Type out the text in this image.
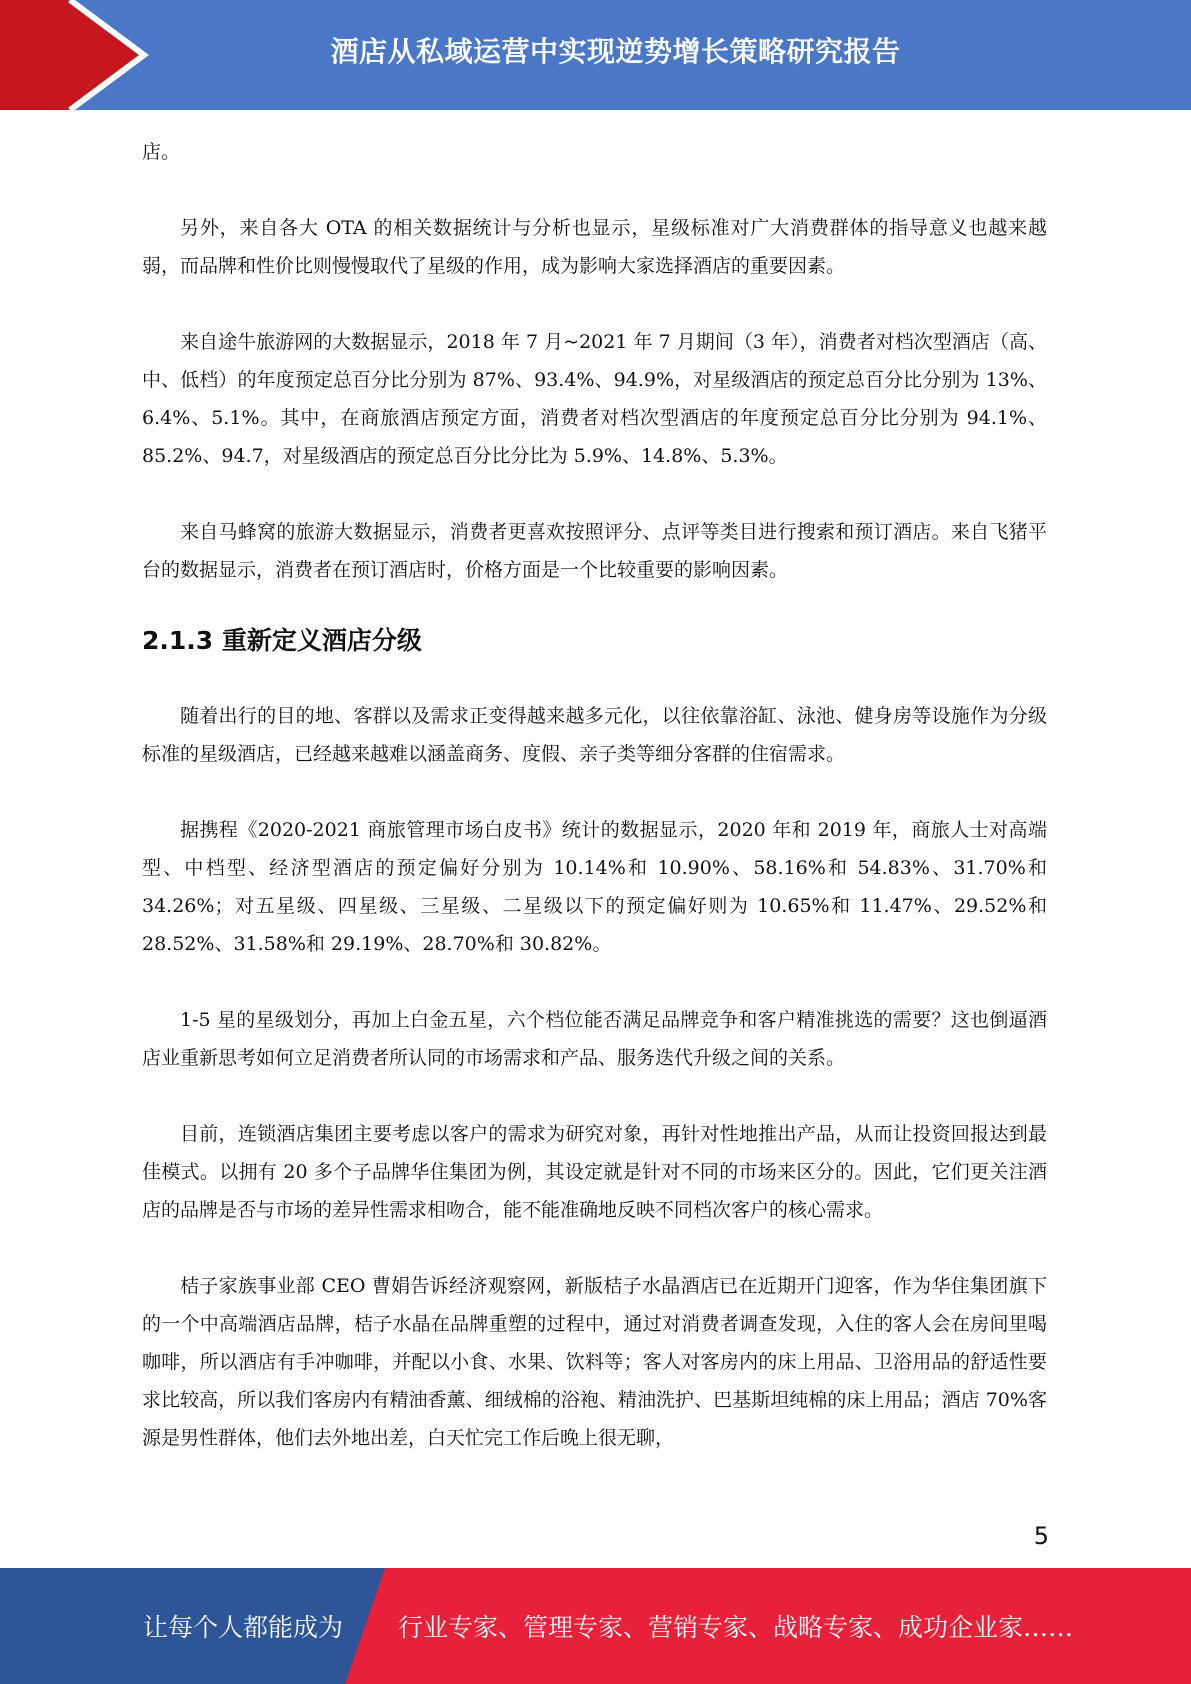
酒店从私域运营中实现逆势增长策略研究报告

店。

另外，来自各大 OTA 的相关数据统计与分析也显示，星级标准对广大消费群体的指导意义也越来越弱，而品牌和性价比则慢慢取代了星级的作用，成为影响大家选择酒店的重要因素。

来自途牛旅游网的大数据显示，2018 年 7 月~2021 年 7 月期间（3 年），消费者对档次型酒店（高、中、低档）的年度预定总百分比分别为 87%、93.4%、94.9%，对星级酒店的预定总百分比分别为 13%、6.4%、5.1%。其中，在商旅酒店预定方面，消费者对档次型酒店的年度预定总百分比分别为 94.1%、85.2%、94.7，对星级酒店的预定总百分比分比为 5.9%、14.8%、5.3%。

来自马蜂窝的旅游大数据显示，消费者更喜欢按照评分、点评等类目进行搜索和预订酒店。来自飞猪平台的数据显示，消费者在预订酒店时，价格方面是一个比较重要的影响因素。

2.1.3 重新定义酒店分级

随着出行的目的地、客群以及需求正变得越来越多元化，以往依靠浴缸、泳池、健身房等设施作为分级标准的星级酒店，已经越来越难以涵盖商务、度假、亲子类等细分客群的住宿需求。

据携程《2020-2021 商旅管理市场白皮书》统计的数据显示，2020 年和 2019 年，商旅人士对高端型、中档型、经济型酒店的预定偏好分别为 10.14%和 10.90%、58.16%和 54.83%、31.70%和 34.26%；对五星级、四星级、三星级、二星级以下的预定偏好则为 10.65%和 11.47%、29.52%和 28.52%、31.58%和 29.19%、28.70%和 30.82%。

1-5 星的星级划分，再加上白金五星，六个档位能否满足品牌竞争和客户精准挑选的需要？这也倒逼酒店业重新思考如何立足消费者所认同的市场需求和产品、服务迭代升级之间的关系。

目前，连锁酒店集团主要考虑以客户的需求为研究对象，再针对性地推出产品，从而让投资回报达到最佳模式。以拥有 20 多个子品牌华住集团为例，其设定就是针对不同的市场来区分的。因此，它们更关注酒店的品牌是否与市场的差异性需求相吻合，能不能准确地反映不同档次客户的核心需求。

桔子家族事业部 CEO 曹娟告诉经济观察网，新版桔子水晶酒店已在近期开门迎客，作为华住集团旗下的一个中高端酒店品牌，桔子水晶在品牌重塑的过程中，通过对消费者调查发现，入住的客人会在房间里喝咖啡，所以酒店有手冲咖啡，并配以小食、水果、饮料等；客人对客房内的床上用品、卫浴用品的舒适性要求比较高，所以我们客房内有精油香薰、细绒棉的浴袍、精油洗护、巴基斯坦纯棉的床上用品；酒店 70%客源是男性群体，他们去外地出差，白天忙完工作后晚上很无聊，

5
让每个人都能成为 行业专家、管理专家、营销专家、战略专家、成功企业家……
